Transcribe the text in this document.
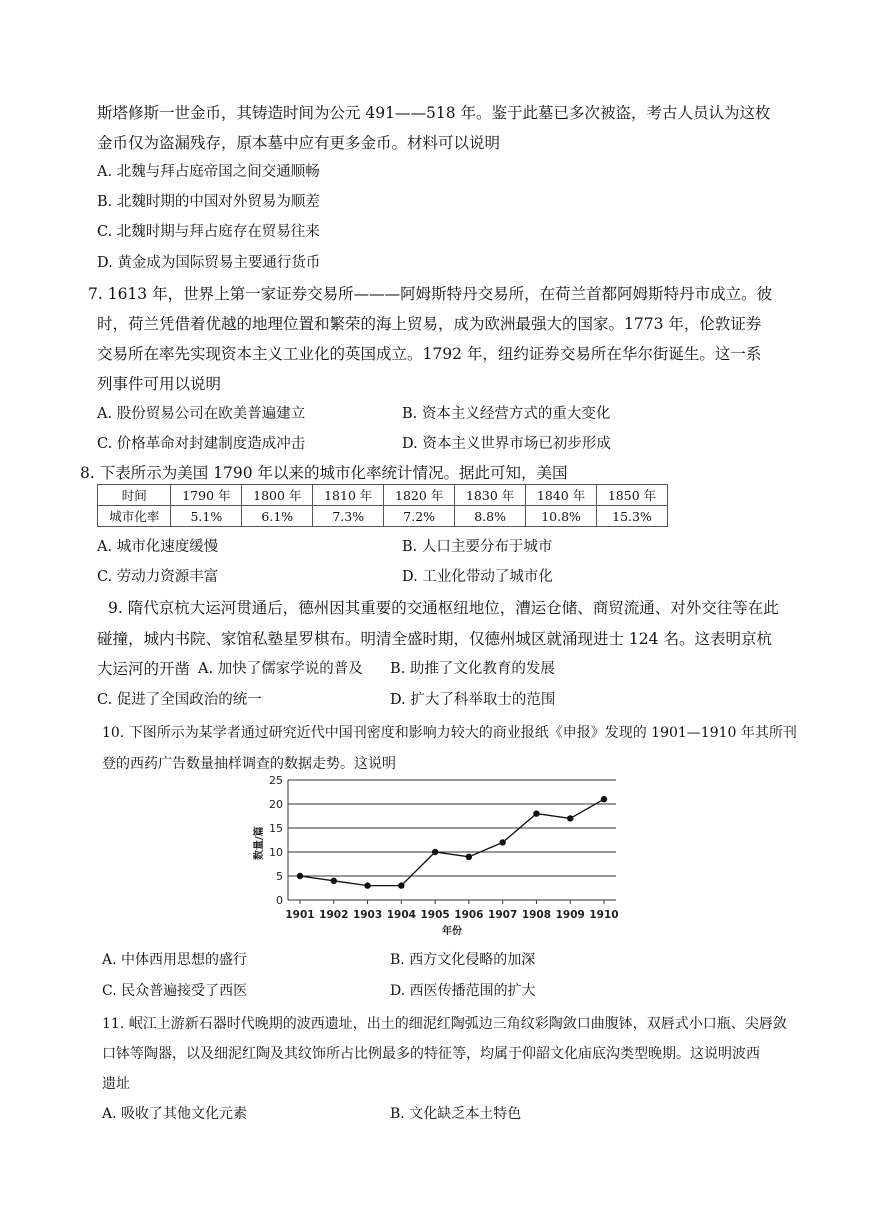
斯塔修斯一世金币，其铸造时间为公元 491——518 年。鉴于此墓已多次被盗，考古人员认为这枚
金币仅为盗漏残存，原本墓中应有更多金币。材料可以说明
A. 北魏与拜占庭帝国之间交通顺畅
B. 北魏时期的中国对外贸易为顺差
C. 北魏时期与拜占庭存在贸易往来
D. 黄金成为国际贸易主要通行货币
7. 1613 年，世界上第一家证券交易所———阿姆斯特丹交易所，在荷兰首都阿姆斯特丹市成立。彼
时，荷兰凭借着优越的地理位置和繁荣的海上贸易，成为欧洲最强大的国家。1773 年，伦敦证券
交易所在率先实现资本主义工业化的英国成立。1792 年，纽约证券交易所在华尔街诞生。这一系
列事件可用以说明
A. 股份贸易公司在欧美普遍建立	B. 资本主义经营方式的重大变化
C. 价格革命对封建制度造成冲击	D. 资本主义世界市场已初步形成
8. 下表所示为美国 1790 年以来的城市化率统计情况。据此可知，美国
时间	1790 年	1800 年	1810 年	1820 年	1830 年	1840 年	1850 年
城市化率	5.1%	6.1%	7.3%	7.2%	8.8%	10.8%	15.3%
A. 城市化速度缓慢	B. 人口主要分布于城市
C. 劳动力资源丰富	D. 工业化带动了城市化
9. 隋代京杭大运河贯通后，德州因其重要的交通枢纽地位，漕运仓储、商贸流通、对外交往等在此
碰撞，城内书院、家馆私塾星罗棋布。明清全盛时期，仅德州城区就涌现进士 124 名。这表明京杭
大运河的开凿 A. 加快了儒家学说的普及 B. 助推了文化教育的发展
C. 促进了全国政治的统一	D. 扩大了科举取士的范围
10. 下图所示为某学者通过研究近代中国刊密度和影响力较大的商业报纸《申报》发现的 1901—1910 年其所刊
登的西药广告数量抽样调查的数据走势。这说明
0
5
10
15
20
25
1901 1902 1903 1904 1905 1906 1907 1908 1909 1910
数量/篇
年份
A. 中体西用思想的盛行	B. 西方文化侵略的加深
C. 民众普遍接受了西医	D. 西医传播范围的扩大
11. 岷江上游新石器时代晚期的波西遗址，出土的细泥红陶弧边三角纹彩陶敛口曲腹钵，双唇式小口瓶、尖唇敛
口钵等陶器，以及细泥红陶及其纹饰所占比例最多的特征等，均属于仰韶文化庙底沟类型晚期。这说明波西
遗址
A. 吸收了其他文化元素	B. 文化缺乏本土特色
